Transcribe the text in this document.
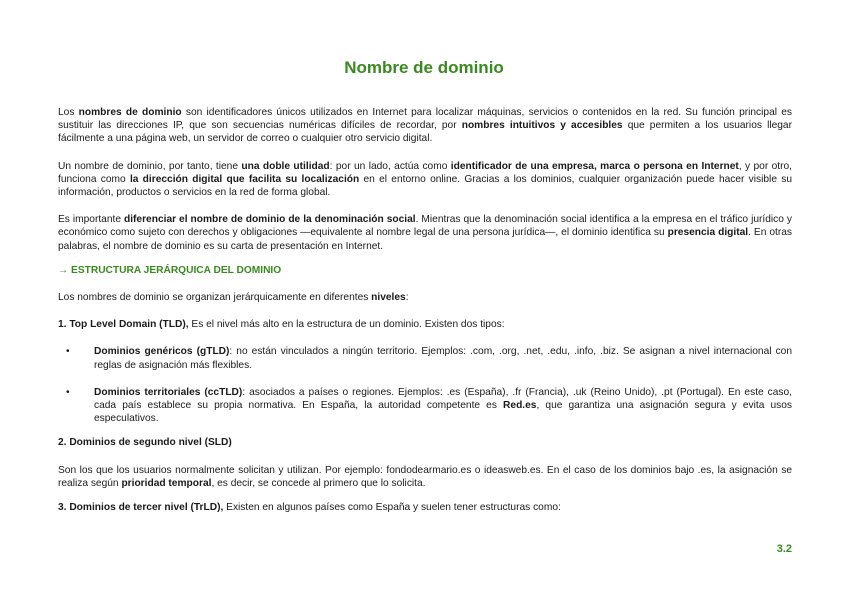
Nombre de dominio

Los nombres de dominio son identificadores únicos utilizados en Internet para localizar máquinas, servicios o contenidos en la red. Su función principal es sustituir las direcciones IP, que son secuencias numéricas difíciles de recordar, por nombres intuitivos y accesibles que permiten a los usuarios llegar fácilmente a una página web, un servidor de correo o cualquier otro servicio digital.

Un nombre de dominio, por tanto, tiene una doble utilidad: por un lado, actúa como identificador de una empresa, marca o persona en Internet, y por otro, funciona como la dirección digital que facilita su localización en el entorno online. Gracias a los dominios, cualquier organización puede hacer visible su información, productos o servicios en la red de forma global.

Es importante diferenciar el nombre de dominio de la denominación social. Mientras que la denominación social identifica a la empresa en el tráfico jurídico y económico como sujeto con derechos y obligaciones —equivalente al nombre legal de una persona jurídica—, el dominio identifica su presencia digital. En otras palabras, el nombre de dominio es su carta de presentación en Internet.

→ ESTRUCTURA JERÁRQUICA DEL DOMINIO

Los nombres de dominio se organizan jerárquicamente en diferentes niveles:

1. Top Level Domain (TLD), Es el nivel más alto en la estructura de un dominio. Existen dos tipos:

•	Dominios genéricos (gTLD): no están vinculados a ningún territorio. Ejemplos: .com, .org, .net, .edu, .info, .biz. Se asignan a nivel internacional con reglas de asignación más flexibles.

•	Dominios territoriales (ccTLD): asociados a países o regiones. Ejemplos: .es (España), .fr (Francia), .uk (Reino Unido), .pt (Portugal). En este caso, cada país establece su propia normativa. En España, la autoridad competente es Red.es, que garantiza una asignación segura y evita usos especulativos.

2. Dominios de segundo nivel (SLD)

Son los que los usuarios normalmente solicitan y utilizan. Por ejemplo: fondodearmario.es o ideasweb.es. En el caso de los dominios bajo .es, la asignación se realiza según prioridad temporal, es decir, se concede al primero que lo solicita.

3. Dominios de tercer nivel (TrLD), Existen en algunos países como España y suelen tener estructuras como:

3.2
